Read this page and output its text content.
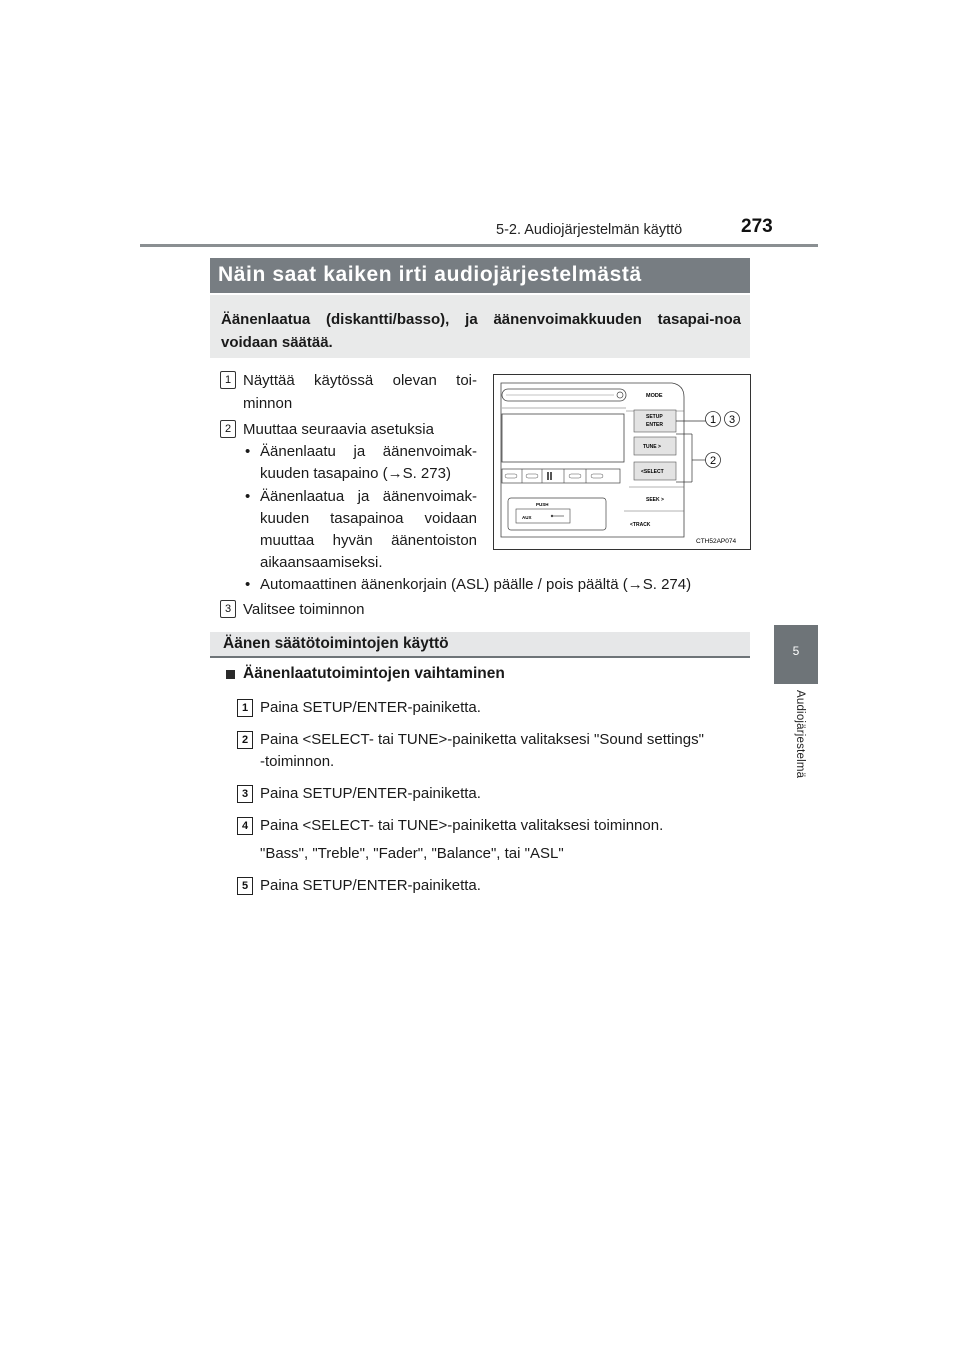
5-2. Audiojärjestelmän käyttö	273
5
Audiojärjestelmä
Näin saat kaiken irti audiojärjestelmästä
Äänenlaatua (diskantti/basso), ja äänenvoimakkuuden tasapai-noa voidaan säätää.
1 Näyttää käytössä olevan toi-
minnon
2 Muuttaa seuraavia asetuksia
• Äänenlaatu ja äänenvoimak-
kuuden tasapaino (→S. 273)
• Äänenlaatua ja äänenvoimak-
kuuden tasapainoa voidaan
muuttaa hyvän äänentoiston
aikaansaamiseksi.
• Automaattinen äänenkorjain (ASL) päälle / pois päältä (→S. 274)
3 Valitsee toiminnon
PUSH
AUX
MODE
SETUP
ENTER
TUNE >
<SELECT
SEEK >
<TRACK
1 3
2
CTH52AP074
Äänen säätötoimintojen käyttö
Äänenlaatutoimintojen vaihtaminen
1 Paina SETUP/ENTER-painiketta.
2 Paina <SELECT- tai TUNE>-painiketta valitaksesi "Sound settings"
-toiminnon.
3 Paina SETUP/ENTER-painiketta.
4 Paina <SELECT- tai TUNE>-painiketta valitaksesi toiminnon.
"Bass", "Treble", "Fader", "Balance", tai "ASL"
5 Paina SETUP/ENTER-painiketta.
